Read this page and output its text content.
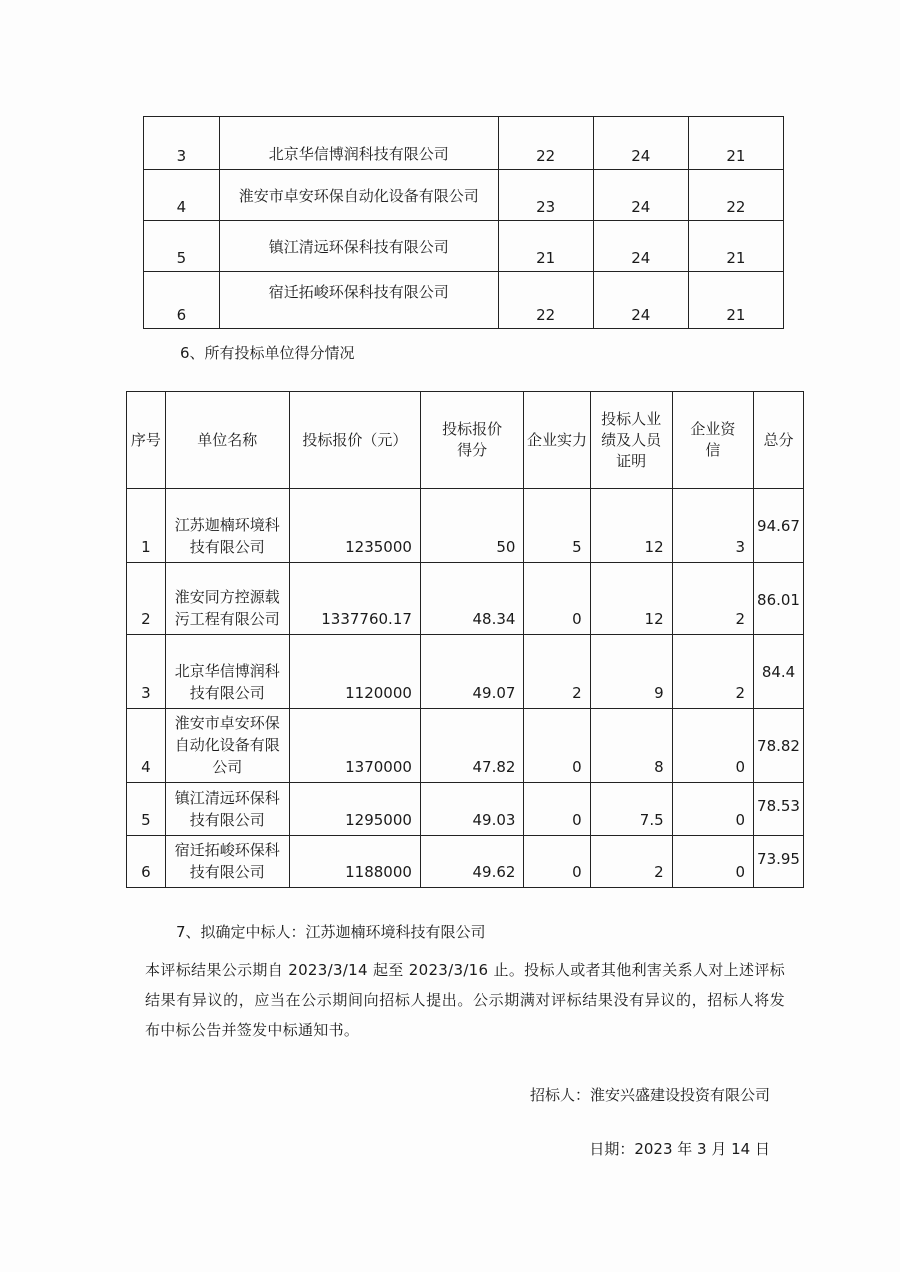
3	北京华信博润科技有限公司	22	24	21
4	淮安市卓安环保自动化设备有限公司	23	24	22
5	镇江清远环保科技有限公司	21	24	21
6	宿迁拓峻环保科技有限公司	22	24	21
6、所有投标单位得分情况
序号	单位名称	投标报价（元）	投标报价得分	企业实力	投标人业绩及人员证明	企业资信	总分
1	江苏迦楠环境科技有限公司	1235000	50	5	12	3	94.67
2	淮安同方控源载污工程有限公司	1337760.17	48.34	0	12	2	86.01
3	北京华信博润科技有限公司	1120000	49.07	2	9	2	84.4
4	淮安市卓安环保自动化设备有限公司	1370000	47.82	0	8	0	78.82
5	镇江清远环保科技有限公司	1295000	49.03	0	7.5	0	78.53
6	宿迁拓峻环保科技有限公司	1188000	49.62	0	2	0	73.95
7、拟确定中标人：江苏迦楠环境科技有限公司
本评标结果公示期自 2023/3/14 起至 2023/3/16 止。投标人或者其他利害关系人对上述评标结果有异议的，应当在公示期间向招标人提出。公示期满对评标结果没有异议的，招标人将发布中标公告并签发中标通知书。
招标人：淮安兴盛建设投资有限公司
日期：2023 年 3 月 14 日
